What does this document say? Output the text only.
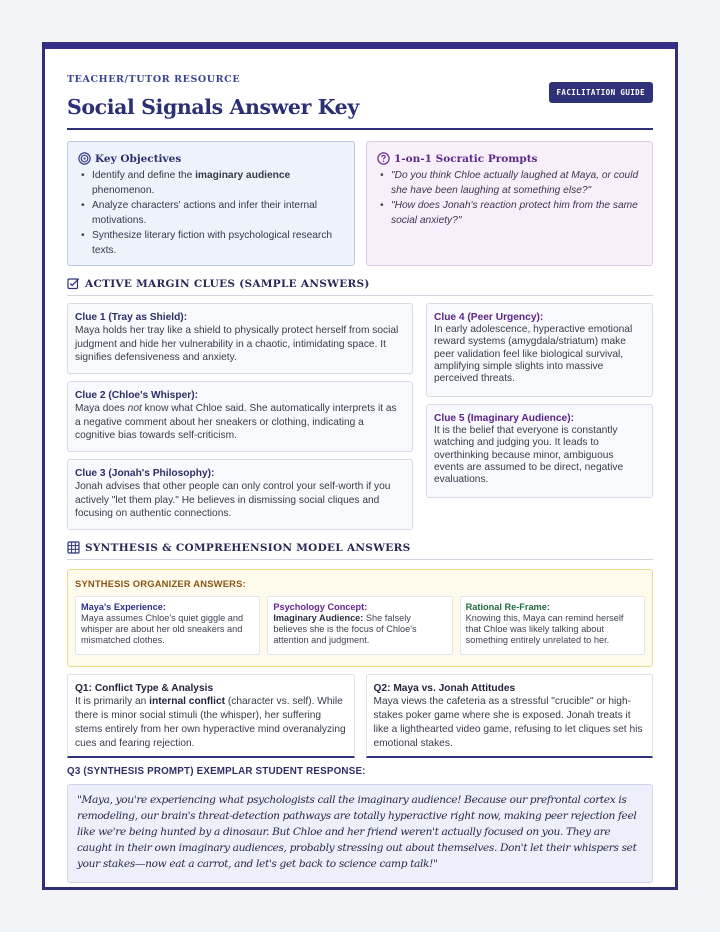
TEACHER/TUTOR RESOURCE
Social Signals Answer Key
FACILITATION GUIDE
Key Objectives
• Identify and define the imaginary audience phenomenon.
• Analyze characters' actions and infer their internal motivations.
• Synthesize literary fiction with psychological research texts.
1-on-1 Socratic Prompts
• "Do you think Chloe actually laughed at Maya, or could she have been laughing at something else?"
• "How does Jonah's reaction protect him from the same social anxiety?"
ACTIVE MARGIN CLUES (SAMPLE ANSWERS)
Clue 1 (Tray as Shield):
Maya holds her tray like a shield to physically protect herself from social judgment and hide her vulnerability in a chaotic, intimidating space. It signifies defensiveness and anxiety.
Clue 2 (Chloe's Whisper):
Maya does not know what Chloe said. She automatically interprets it as a negative comment about her sneakers or clothing, indicating a cognitive bias towards self-criticism.
Clue 3 (Jonah's Philosophy):
Jonah advises that other people can only control your self-worth if you actively "let them play." He believes in dismissing social cliques and focusing on authentic connections.
Clue 4 (Peer Urgency):
In early adolescence, hyperactive emotional reward systems (amygdala/striatum) make peer validation feel like biological survival, amplifying simple slights into massive perceived threats.
Clue 5 (Imaginary Audience):
It is the belief that everyone is constantly watching and judging you. It leads to overthinking because minor, ambiguous events are assumed to be direct, negative evaluations.
SYNTHESIS & COMPREHENSION MODEL ANSWERS
SYNTHESIS ORGANIZER ANSWERS:
Maya's Experience:
Maya assumes Chloe's quiet giggle and whisper are about her old sneakers and mismatched clothes.
Psychology Concept:
Imaginary Audience: She falsely believes she is the focus of Chloe's attention and judgment.
Rational Re-Frame:
Knowing this, Maya can remind herself that Chloe was likely talking about something entirely unrelated to her.
Q1: Conflict Type & Analysis
It is primarily an internal conflict (character vs. self). While there is minor social stimuli (the whisper), her suffering stems entirely from her own hyperactive mind overanalyzing cues and fearing rejection.
Q2: Maya vs. Jonah Attitudes
Maya views the cafeteria as a stressful "crucible" or high-stakes poker game where she is exposed. Jonah treats it like a lighthearted video game, refusing to let cliques set his emotional stakes.
Q3 (SYNTHESIS PROMPT) EXEMPLAR STUDENT RESPONSE:
"Maya, you're experiencing what psychologists call the imaginary audience! Because our prefrontal cortex is remodeling, our brain's threat-detection pathways are totally hyperactive right now, making peer rejection feel like we're being hunted by a dinosaur. But Chloe and her friend weren't actually focused on you. They are caught in their own imaginary audiences, probably stressing out about themselves. Don't let their whispers set your stakes—now eat a carrot, and let's get back to science camp talk!"
